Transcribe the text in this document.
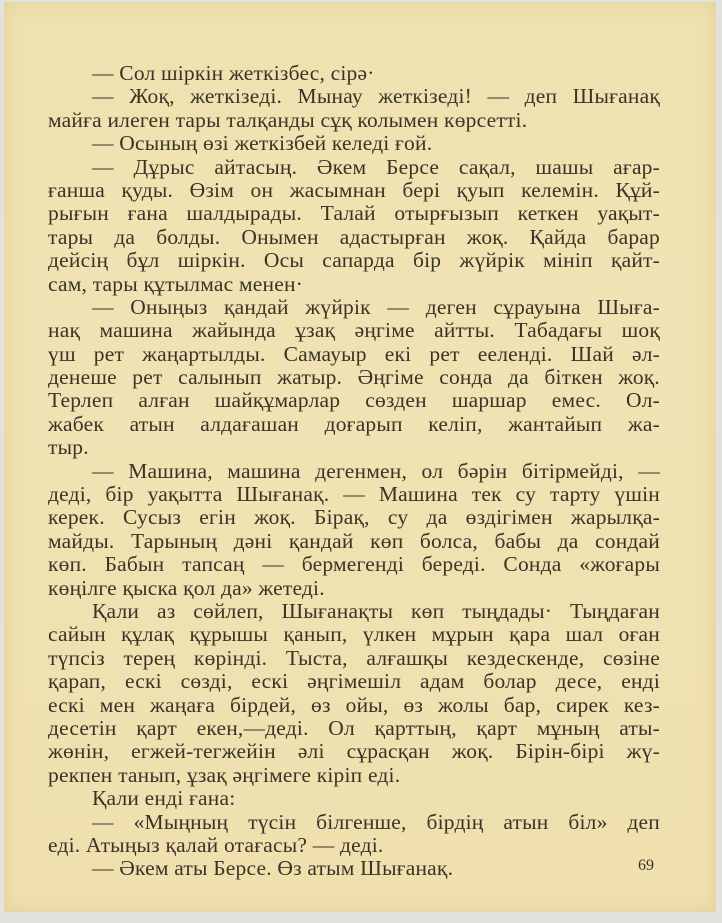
— Сол шіркін жеткізбес, сірә·
— Жоқ, жеткізеді. Мынау жеткізеді! — деп Шығанақ
майға илеген тары талқанды сұқ колымен көрсетті.
— Осының өзі жеткізбей келеді ғой.
— Дұрыс айтасың. Әкем Берсе сақал, шашы ағар-
ғанша қуды. Өзім он жасымнан бері қуып келемін. Құй-
рығын ғана шалдырады. Талай отырғызып кеткен уақыт-
тары да болды. Онымен адастырған жоқ. Қайда барар
дейсің бұл шіркін. Осы сапарда бір жүйрік мініп қайт-
сам, тары құтылмас менен·
— Оныңыз қандай жүйрік — деген сұрауына Шыға-
нақ машина жайында ұзақ әңгіме айтты. Табадағы шоқ
үш рет жаңартылды. Самауыр екі рет ееленді. Шай әл-
денеше рет салынып жатыр. Әңгіме сонда да біткен жоқ.
Терлеп алған шайқұмарлар сөзден шаршар емес. Ол-
жабек атын алдағашан доғарып келіп, жантайып жа-
тыр.
— Машина, машина дегенмен, ол бәрін бітірмейді, —
деді, бір уақытта Шығанақ. — Машина тек су тарту үшін
керек. Сусыз егін жоқ. Бірақ, су да өздігімен жарылқа-
майды. Тарының дәні қандай көп болса, бабы да сондай
көп. Бабын тапсаң — бермегенді береді. Сонда «жоғары
көңілге қыска қол да» жетеді.
Қали аз сөйлеп, Шығанақты көп тыңдады· Тыңдаған
сайын құлақ құрышы қанып, үлкен мұрын қара шал оған
түпсіз терең көрінді. Тыста, алғашқы кездескенде, сөзіне
қарап, ескі сөзді, ескі әңгімешіл адам болар десе, енді
ескі мен жаңаға бірдей, өз ойы, өз жолы бар, сирек кез-
десетін қарт екен,—деді. Ол қарттың, қарт мұның аты-
жөнін, егжей-тегжейін әлі сұрасқан жоқ. Бірін-бірі жү-
рекпен танып, ұзақ әңгімеге кіріп еді.
Қали енді ғана:
— «Мыңның түсін білгенше, бірдің атын біл» деп
еді. Атыңыз қалай отағасы? — деді.
— Әкем аты Берсе. Өз атым Шығанақ.	69
